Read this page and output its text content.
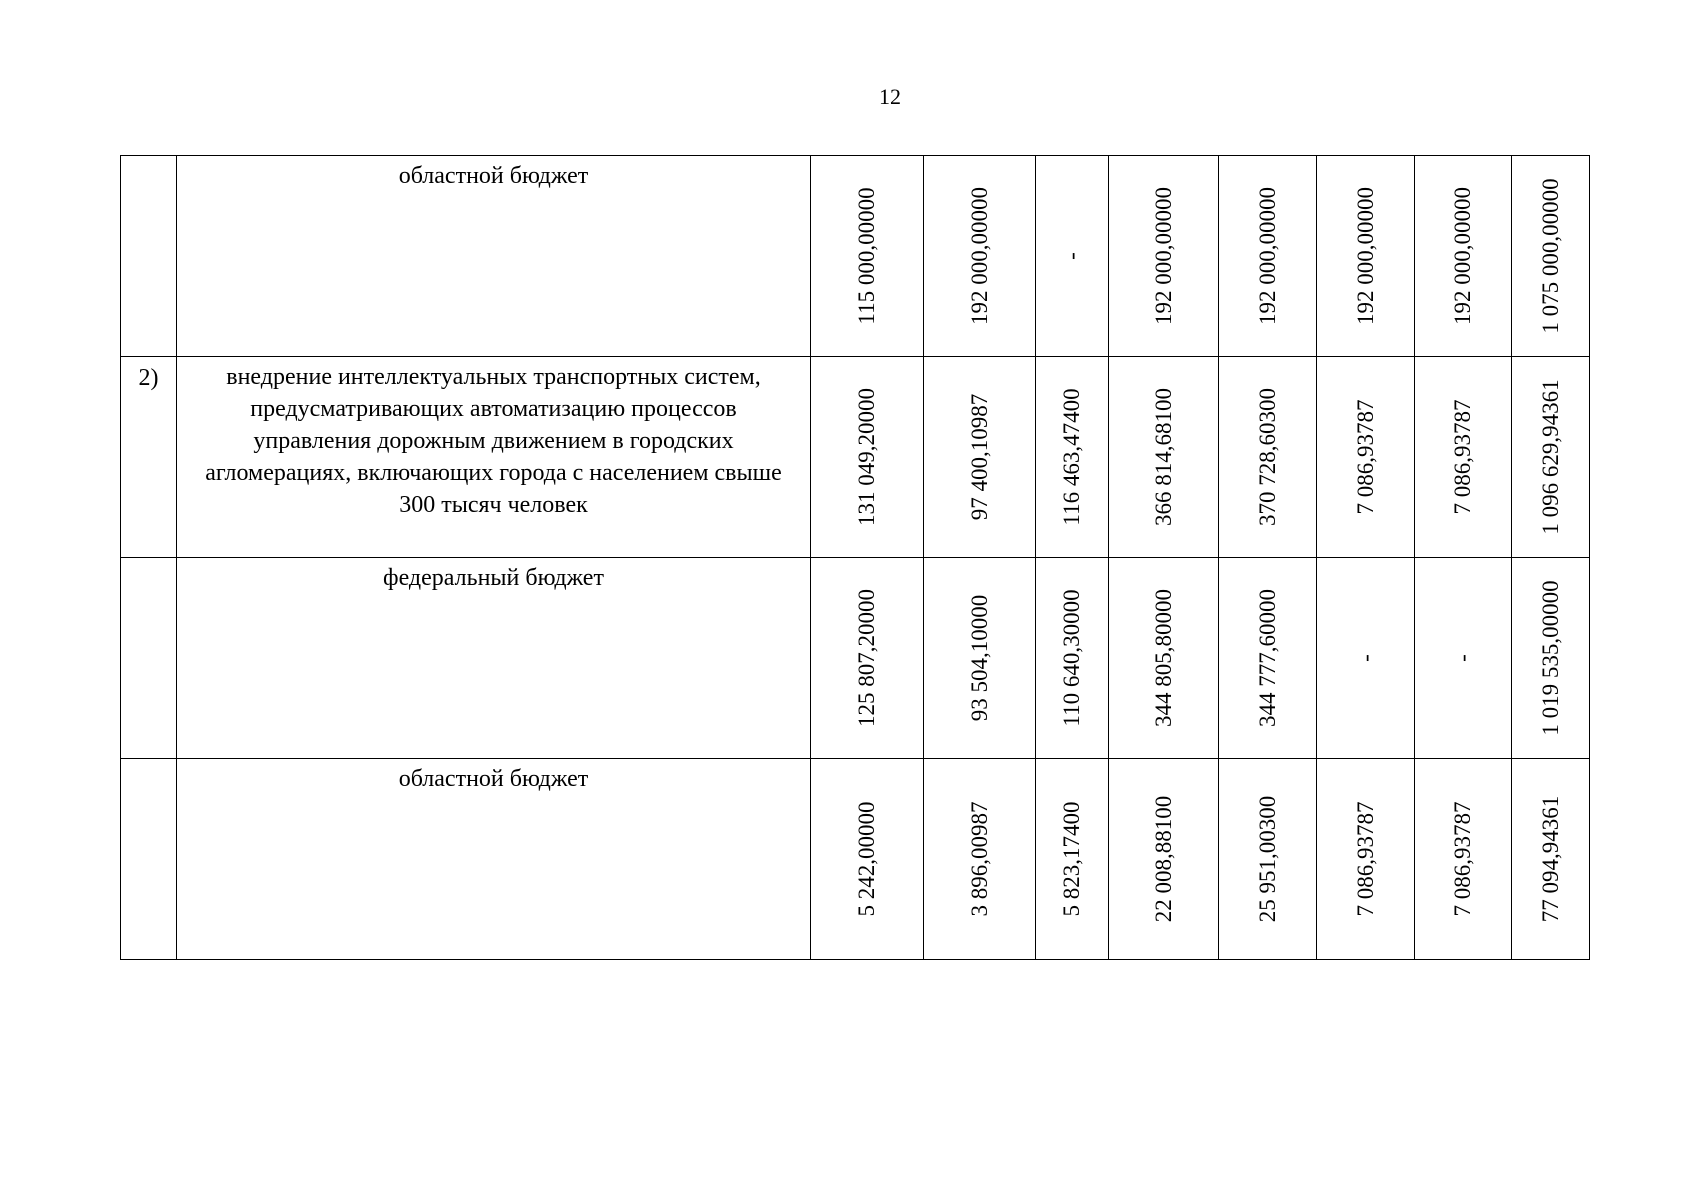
12
	областной бюджет	115 000,00000	192 000,00000	-	192 000,00000	192 000,00000	192 000,00000	192 000,00000	1 075 000,00000

2)	внедрение интеллектуальных транспортных систем, предусматривающих автоматизацию процессов управления дорожным движением в городских агломерациях, включающих города с населением свыше 300 тысяч человек	131 049,20000	97 400,10987	116 463,47400	366 814,68100	370 728,60300	7 086,93787	7 086,93787	1 096 629,94361

	федеральный бюджет	125 807,20000	93 504,10000	110 640,30000	344 805,80000	344 777,60000	-	-	1 019 535,00000

	областной бюджет	5 242,00000	3 896,00987	5 823,17400	22 008,88100	25 951,00300	7 086,93787	7 086,93787	77 094,94361
